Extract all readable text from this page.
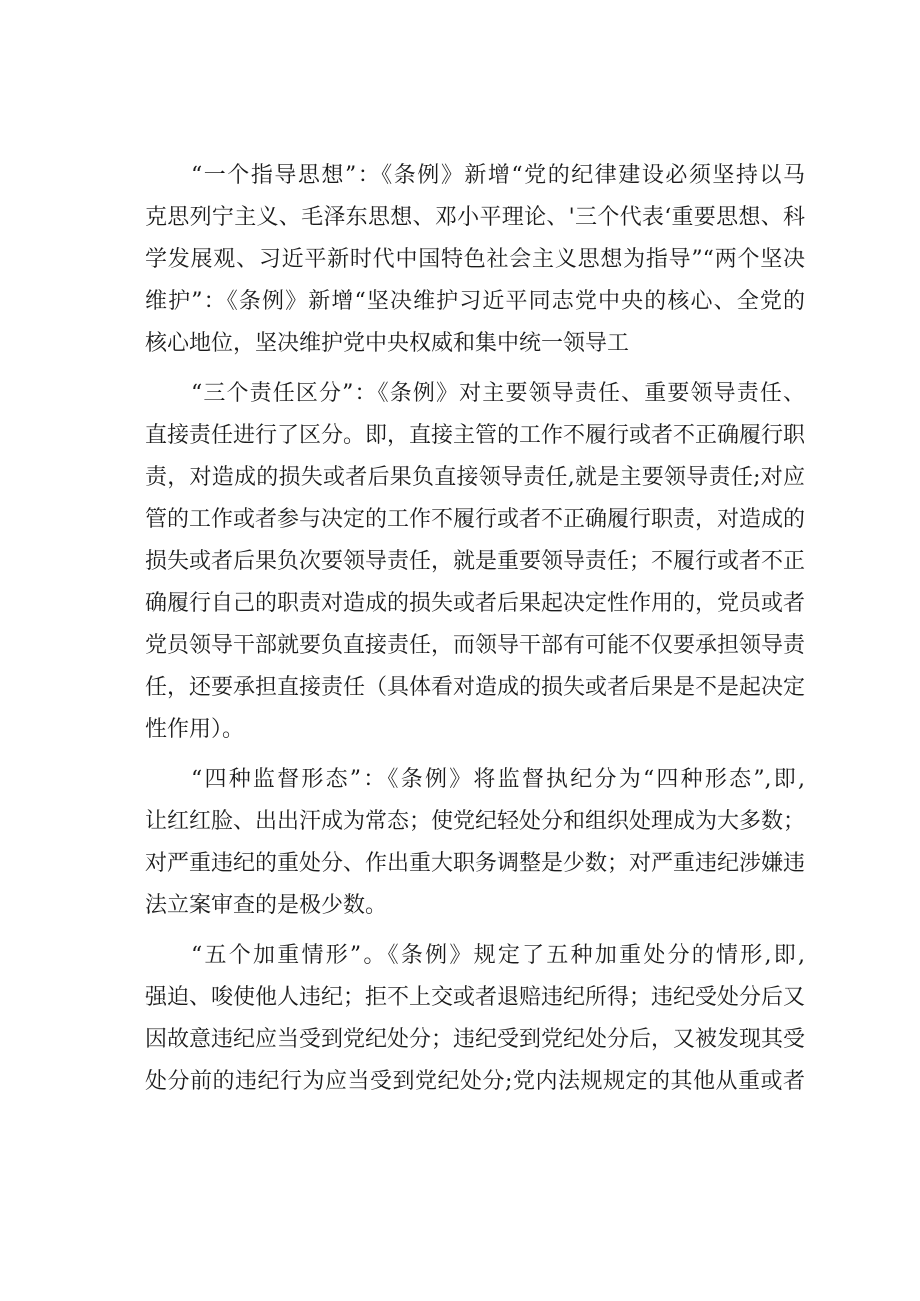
“一个指导思想”：《条例》新增“党的纪律建设必须坚持以马
克思列宁主义、毛泽东思想、邓小平理论、'三个代表‘重要思想、科
学发展观、习近平新时代中国特色社会主义思想为指导”“两个坚决
维护”：《条例》新增“坚决维护习近平同志党中央的核心、全党的
核心地位，坚决维护党中央权威和集中统一领导工
“三个责任区分”：《条例》对主要领导责任、重要领导责任、
直接责任进行了区分。即，直接主管的工作不履行或者不正确履行职
责，对造成的损失或者后果负直接领导责任,就是主要领导责任;对应
管的工作或者参与决定的工作不履行或者不正确履行职责，对造成的
损失或者后果负次要领导责任，就是重要领导责任；不履行或者不正
确履行自己的职责对造成的损失或者后果起决定性作用的，党员或者
党员领导干部就要负直接责任，而领导干部有可能不仅要承担领导责
任，还要承担直接责任（具体看对造成的损失或者后果是不是起决定
性作用）。
“四种监督形态”：《条例》将监督执纪分为“四种形态”,即,
让红红脸、出出汗成为常态；使党纪轻处分和组织处理成为大多数；
对严重违纪的重处分、作出重大职务调整是少数；对严重违纪涉嫌违
法立案审查的是极少数。
“五个加重情形”。《条例》规定了五种加重处分的情形,即,
强迫、唆使他人违纪；拒不上交或者退赔违纪所得；违纪受处分后又
因故意违纪应当受到党纪处分；违纪受到党纪处分后，又被发现其受
处分前的违纪行为应当受到党纪处分;党内法规规定的其他从重或者
